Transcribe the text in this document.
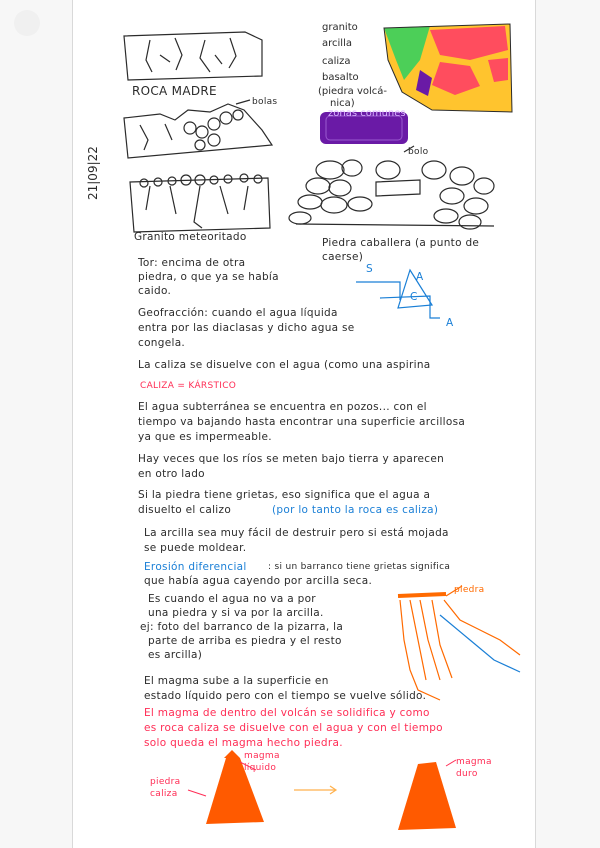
21|09|22
ROCA MADRE
bolas
Granito meteoritado
bolo
Piedra caballera (a punto de
caerse)
granito
arcilla
caliza
basalto
(piedra volcá-
nica)
zonas comunes
S
C
A
A
Tor: encima de otra
piedra, o que ya se había
caido.
Geofracción: cuando el agua líquida
entra por las diaclasas y dicho agua se
congela.
La caliza se disuelve con el agua (como una aspirina
CALIZA = KÁRSTICO
El agua subterránea se encuentra en pozos... con el
tiempo va bajando hasta encontrar una superficie arcillosa
ya que es impermeable.
Hay veces que los ríos se meten bajo tierra y aparecen
en otro lado
Si la piedra tiene grietas, eso significa que el agua a
disuelto el calizo	(por lo tanto la roca es caliza)
La arcilla sea muy fácil de destruir pero si está mojada
se puede moldear.
Erosión diferencial : si un barranco tiene grietas significa
que había agua cayendo por arcilla seca.
Es cuando el agua no va a por
una piedra y si va por la arcilla.
ej: foto del barranco de la pizarra, la
parte de arriba es piedra y el resto
es arcilla)
piedra
El magma sube a la superficie en
estado líquido pero con el tiempo se vuelve sólido.
El magma de dentro del volcán se solidifica y como
es roca caliza se disuelve con el agua y con el tiempo
solo queda el magma hecho piedra.
magma líquido
piedra caliza
magma duro
